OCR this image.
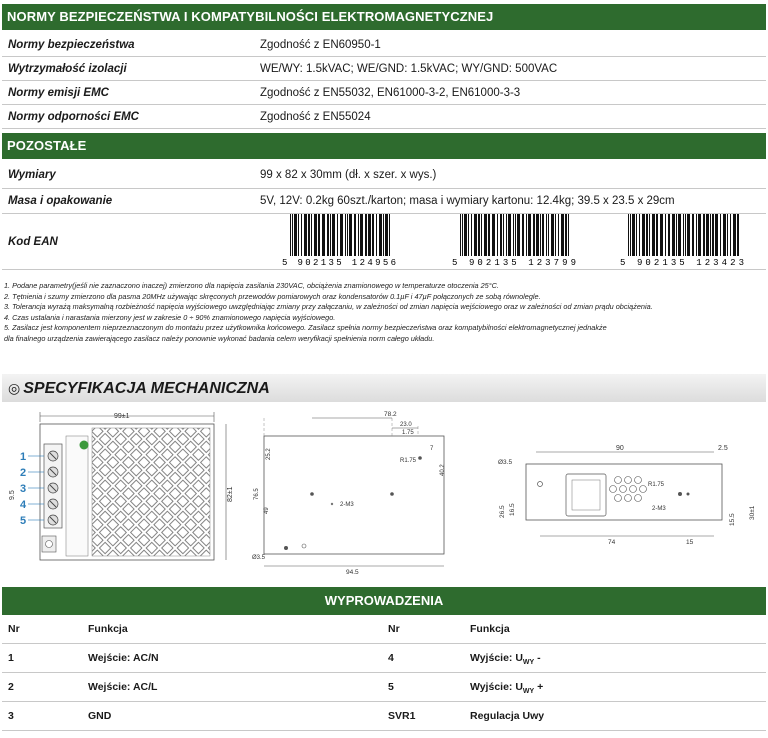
NORMY BEZPIECZEŃSTWA I KOMPATYBILNOŚCI ELEKTROMAGNETYCZNEJ
Normy bezpieczeństwa	Zgodność z EN60950-1
Wytrzymałość izolacji	WE/WY: 1.5kVAC; WE/GND: 1.5kVAC; WY/GND: 500VAC
Normy emisji EMC	Zgodność z EN55032, EN61000-3-2, EN61000-3-3
Normy odporności EMC	Zgodność z EN55024
POZOSTAŁE
Wymiary	99 x 82 x 30mm (dł. x szer. x wys.)
Masa i opakowanie	5V, 12V: 0.2kg 60szt./karton; masa i wymiary kartonu: 12.4kg; 39.5 x 23.5 x 29cm
Kod EAN
5 902135 124956	5 902135 123799	5 902135 123423
1. Podane parametry(jeśli nie zaznaczono inaczej) zmierzono dla napięcia zasilania 230VAC, obciążenia znamionowego w temperaturze otoczenia 25°C.
2. Tętnienia i szumy zmierzono dla pasma 20MHz używając skręconych przewodów pomiarowych oraz kondensatorów 0.1µF i 47µF połączonych ze sobą równolegle.
3. Tolerancja wyrażą maksymalną rozbieżność napięcia wyjściowego uwzględniając zmiany przy załączaniu, w zależności od zmian napięcia wejściowego oraz w zależności od zmian prądu obciążenia.
4. Czas ustalania i narastania mierzony jest w zakresie 0 ÷ 90% znamionowego napięcia wyjściowego.
5. Zasilacz jest komponentem nieprzeznaczonym do montażu przez użytkownika końcowego. Zasilacz spełnia normy bezpieczeństwa oraz kompatybilności elektromagnetycznej jednakże
dla finalnego urządzenia zawierającego zasilacz należy ponownie wykonać badania celem weryfikacji spełnienia norm całego układu.
◎ SPECYFIKACJA MECHANICZNA
99±1
1
2
3
4
5
9.5	82±1
78.2
23.0
1.75
25.2
R1.75
7
40.2
76.5
49
2-M3
Ø3.5
94.5
90	2.5
Ø3.5
R1.75
26.5 16.5	2-M3
15.5 30±1
74	15
WYPROWADZENIA
Nr	Funkcja	Nr	Funkcja
1	Wejście: AC/N	4	Wyjście: $U_{WY}$ -
2	Wejście: AC/L	5	Wyjście: $U_{WY}$ +
3	GND	SVR1	Regulacja Uwy
